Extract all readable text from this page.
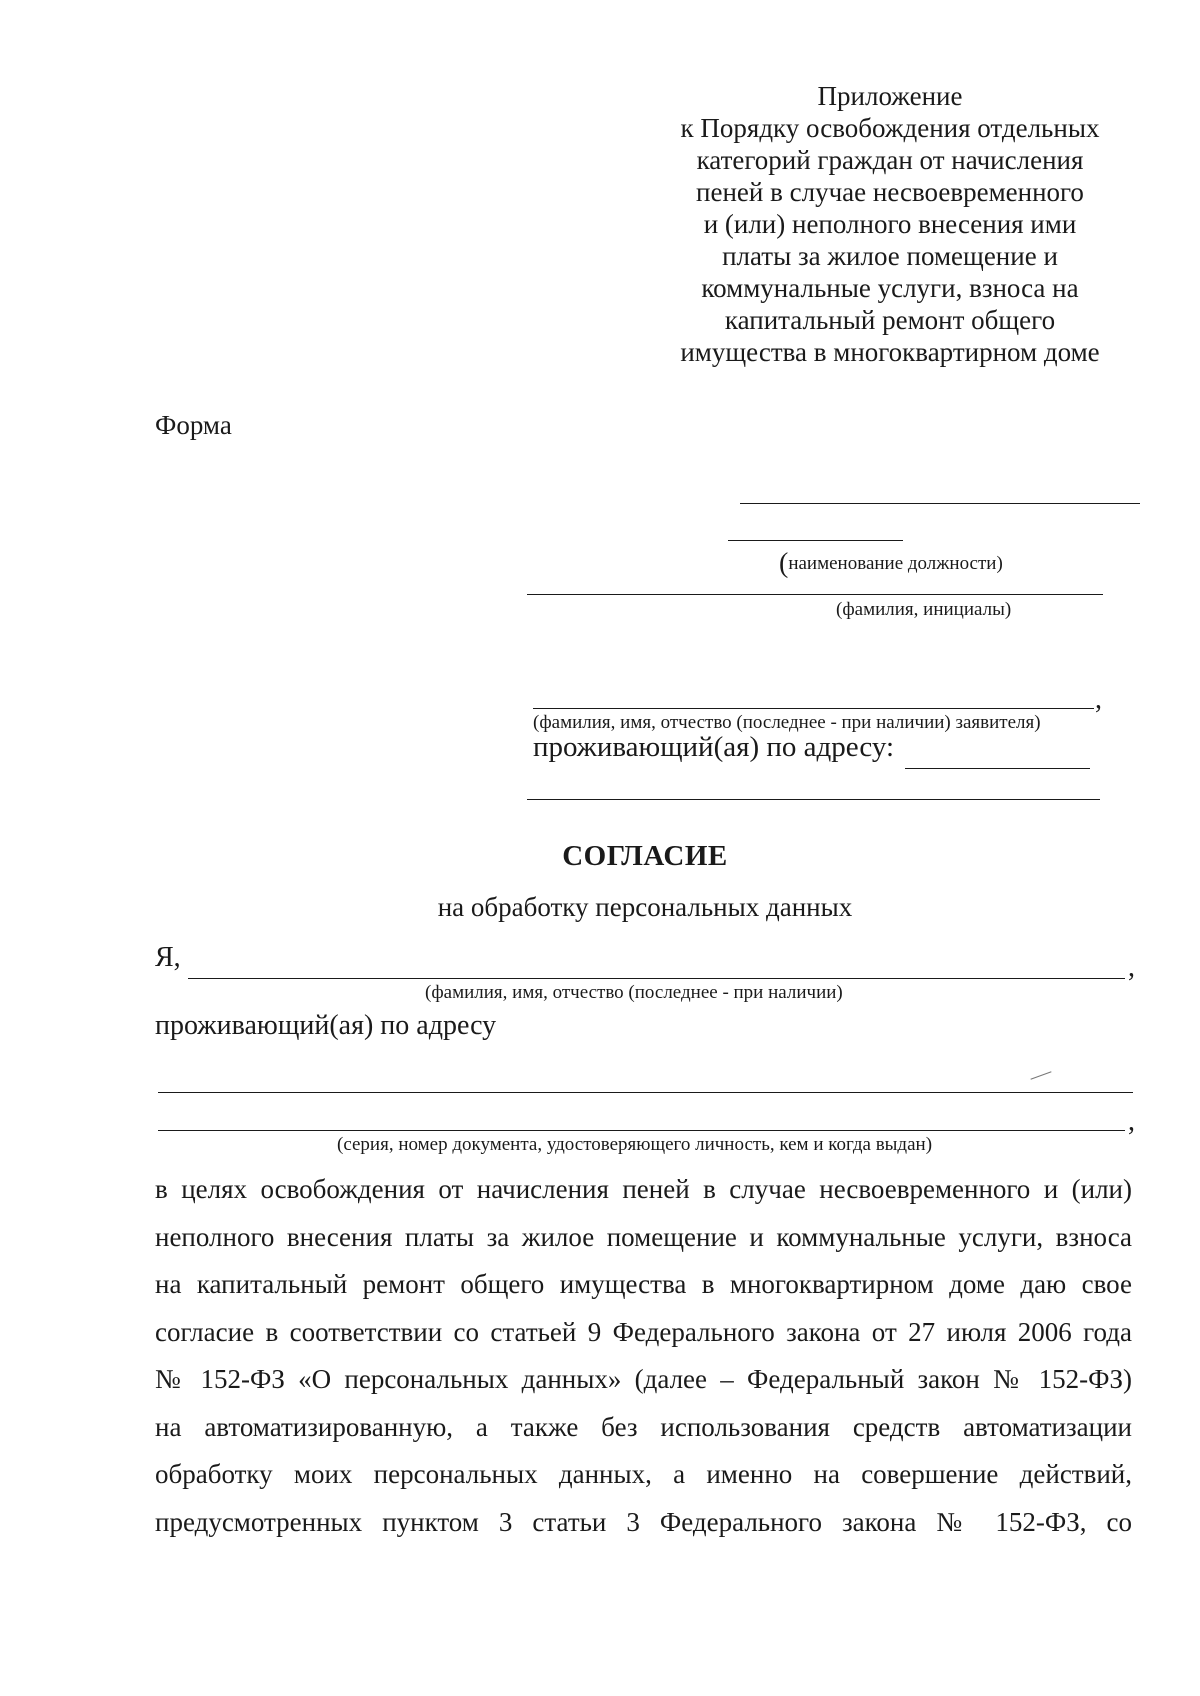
Приложение
к Порядку освобождения отдельных
категорий граждан от начисления
пеней в случае несвоевременного
и (или) неполного внесения ими
платы за жилое помещение и
коммунальные услуги, взноса на
капитальный ремонт общего
имущества в многоквартирном доме
Форма
(наименование должности)
(фамилия, инициалы)
,
(фамилия, имя, отчество (последнее - при наличии) заявителя)
проживающий(ая) по адресу:
СОГЛАСИЕ
на обработку персональных данных
Я,	,
(фамилия, имя, отчество (последнее - при наличии)
проживающий(ая) по адресу
,
(серия, номер документа, удостоверяющего личность, кем и когда выдан)
в целях освобождения от начисления пеней в случае несвоевременного и (или)
неполного внесения платы за жилое помещение и коммунальные услуги, взноса
на капитальный ремонт общего имущества в многоквартирном доме даю свое
согласие в соответствии со статьей 9 Федерального закона от 27 июля 2006 года
№ 152-ФЗ «О персональных данных» (далее – Федеральный закон № 152-ФЗ)
на автоматизированную, а также без использования средств автоматизации
обработку моих персональных данных, а именно на совершение действий,
предусмотренных пунктом 3 статьи 3 Федерального закона № 152-ФЗ, со
